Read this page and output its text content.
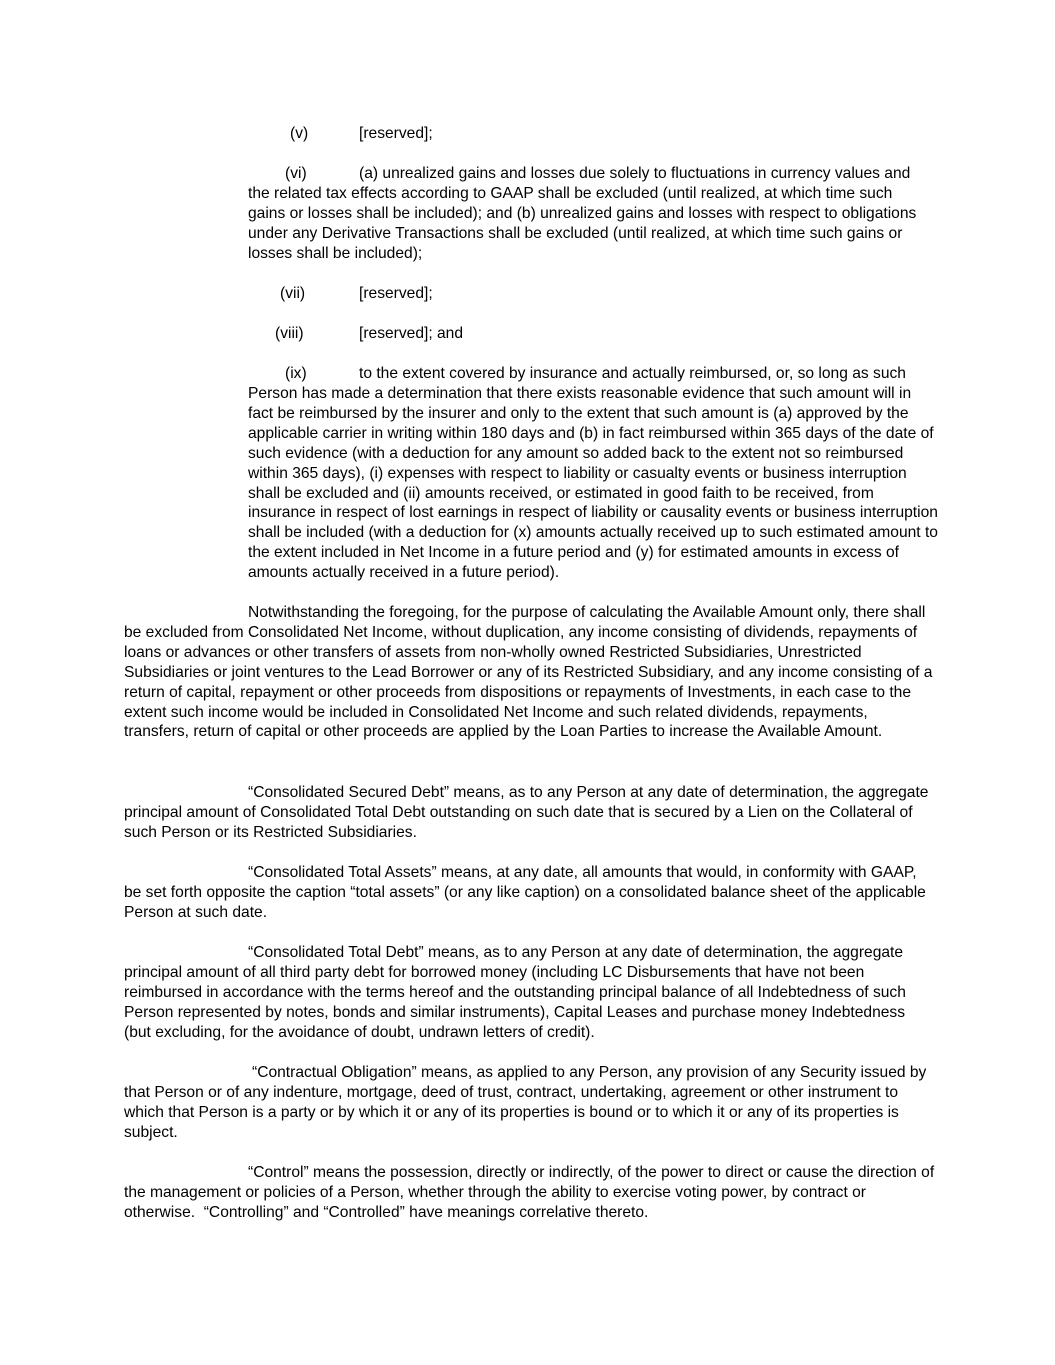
(v)	[reserved];
(vi)	(a) unrealized gains and losses due solely to fluctuations in currency values and

the related tax effects according to GAAP shall be excluded (until realized, at which time such gains or losses shall be included); and (b) unrealized gains and losses with respect to obligations under any Derivative Transactions shall be excluded (until realized, at which time such gains or losses shall be included);

(vii)	[reserved];
(viii)	[reserved]; and
(ix)	to the extent covered by insurance and actually reimbursed, or, so long as such

Person has made a determination that there exists reasonable evidence that such amount will in fact be reimbursed by the insurer and only to the extent that such amount is (a) approved by the applicable carrier in writing within 180 days and (b) in fact reimbursed within 365 days of the date of such evidence (with a deduction for any amount so added back to the extent not so reimbursed within 365 days), (i) expenses with respect to liability or casualty events or business interruption shall be excluded and (ii) amounts received, or estimated in good faith to be received, from insurance in respect of lost earnings in respect of liability or causality events or business interruption shall be included (with a deduction for (x) amounts actually received up to such estimated amount to the extent included in Net Income in a future period and (y) for estimated amounts in excess of amounts actually received in a future period).

Notwithstanding the foregoing, for the purpose of calculating the Available Amount only, there shall be excluded from Consolidated Net Income, without duplication, any income consisting of dividends, repayments of loans or advances or other transfers of assets from non-wholly owned Restricted Subsidiaries, Unrestricted Subsidiaries or joint ventures to the Lead Borrower or any of its Restricted Subsidiary, and any income consisting of a return of capital, repayment or other proceeds from dispositions or repayments of Investments, in each case to the extent such income would be included in Consolidated Net Income and such related dividends, repayments, transfers, return of capital or other proceeds are applied by the Loan Parties to increase the Available Amount.

“Consolidated Secured Debt” means, as to any Person at any date of determination, the aggregate principal amount of Consolidated Total Debt outstanding on such date that is secured by a Lien on the Collateral of such Person or its Restricted Subsidiaries.

“Consolidated Total Assets” means, at any date, all amounts that would, in conformity with GAAP, be set forth opposite the caption “total assets” (or any like caption) on a consolidated balance sheet of the applicable Person at such date.

“Consolidated Total Debt” means, as to any Person at any date of determination, the aggregate principal amount of all third party debt for borrowed money (including LC Disbursements that have not been reimbursed in accordance with the terms hereof and the outstanding principal balance of all Indebtedness of such Person represented by notes, bonds and similar instruments), Capital Leases and purchase money Indebtedness (but excluding, for the avoidance of doubt, undrawn letters of credit).

“Contractual Obligation” means, as applied to any Person, any provision of any Security issued by that Person or of any indenture, mortgage, deed of trust, contract, undertaking, agreement or other instrument to which that Person is a party or by which it or any of its properties is bound or to which it or any of its properties is subject.

“Control” means the possession, directly or indirectly, of the power to direct or cause the direction of the management or policies of a Person, whether through the ability to exercise voting power, by contract or otherwise.  “Controlling” and “Controlled” have meanings correlative thereto.
